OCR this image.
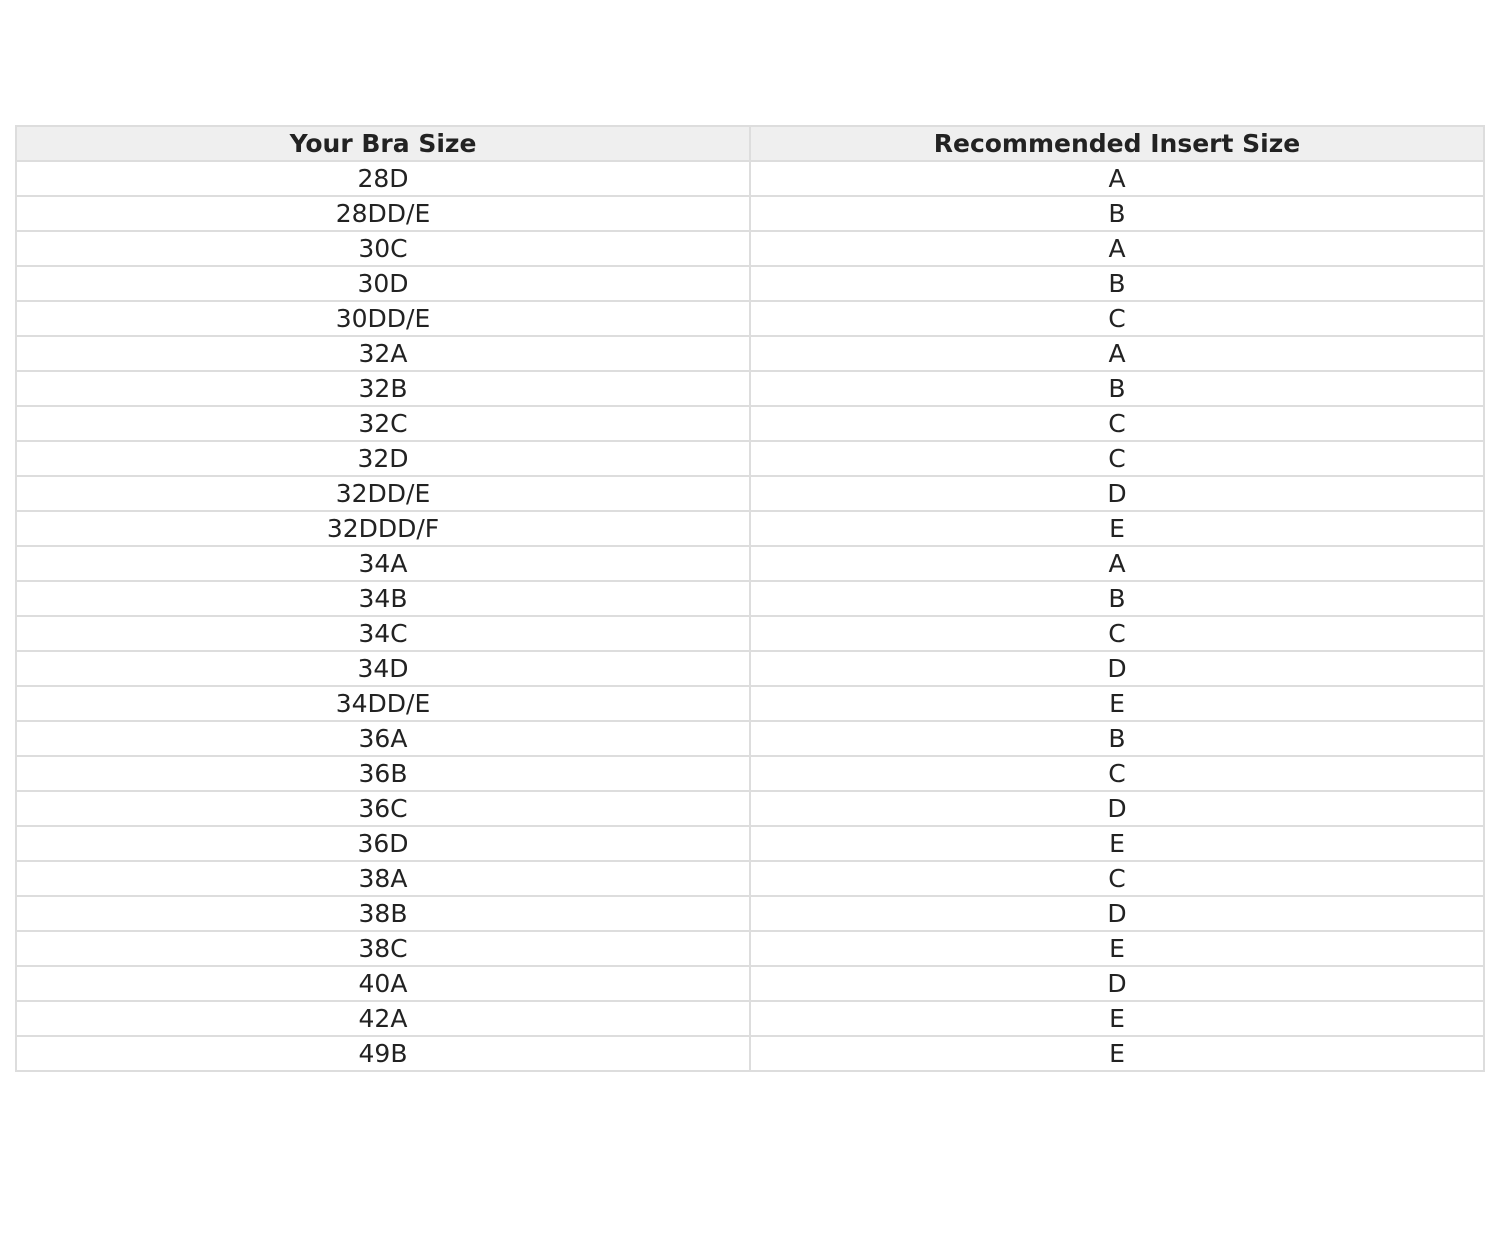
Your Bra Size	Recommended Insert Size
28D	A
28DD/E	B
30C	A
30D	B
30DD/E	C
32A	A
32B	B
32C	C
32D	C
32DD/E	D
32DDD/F	E
34A	A
34B	B
34C	C
34D	D
34DD/E	E
36A	B
36B	C
36C	D
36D	E
38A	C
38B	D
38C	E
40A	D
42A	E
49B	E
